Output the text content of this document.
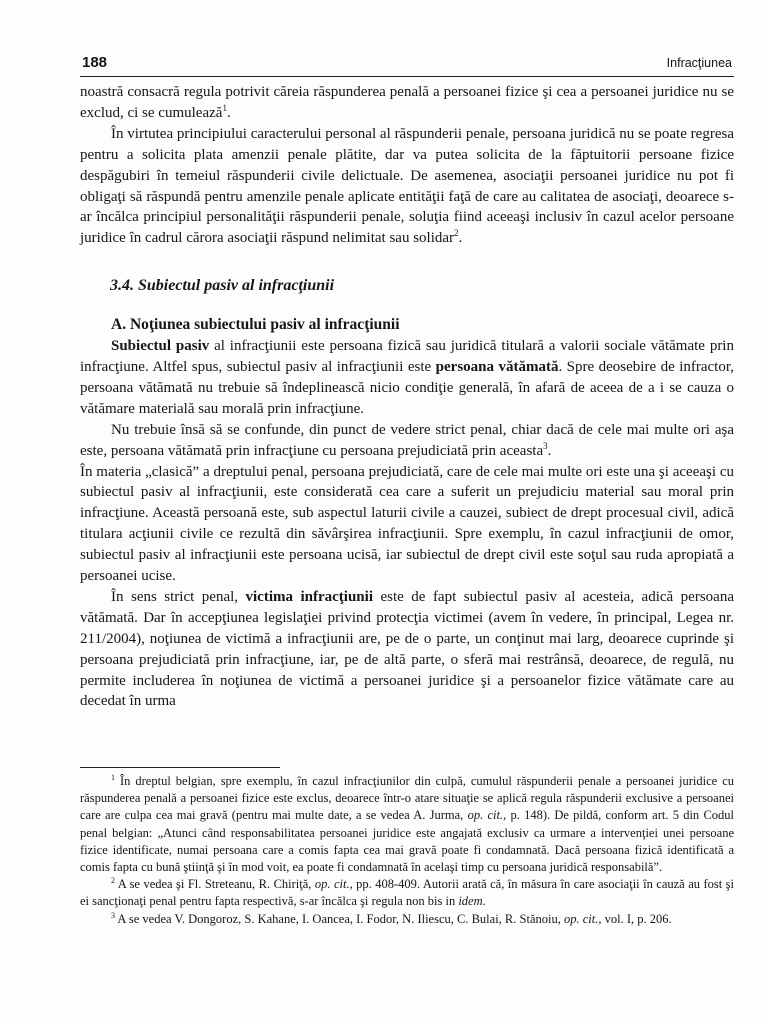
188	Infracţiunea

noastră consacră regula potrivit căreia răspunderea penală a persoanei fizice şi cea a persoanei juridice nu se exclud, ci se cumulează$^1$.

În virtutea principiului caracterului personal al răspunderii penale, persoana juridică nu se poate regresa pentru a solicita plata amenzii penale plătite, dar va putea solicita de la făptuitorii persoane fizice despăgubiri în temeiul răspunderii civile delictuale. De asemenea, asociaţii persoanei juridice nu pot fi obligaţi să răspundă pentru amenzile penale aplicate entităţii faţă de care au calitatea de asociaţi, deoarece s-ar încălca principiul personalităţii răspunderii penale, soluţia fiind aceeaşi inclusiv în cazul acelor persoane juridice în cadrul cărora asociaţii răspund nelimitat sau solidar$^2$.

3.4. Subiectul pasiv al infracţiunii
A. Noţiunea subiectului pasiv al infracţiunii

Subiectul pasiv al infracţiunii este persoana fizică sau juridică titulară a valorii sociale vătămate prin infracţiune. Altfel spus, subiectul pasiv al infracţiunii este persoana vătămată. Spre deosebire de infractor, persoana vătămată nu trebuie să îndeplinească nicio condiţie generală, în afară de aceea de a i se cauza o vătămare materială sau morală prin infracţiune.

Nu trebuie însă să se confunde, din punct de vedere strict penal, chiar dacă de cele mai multe ori aşa este, persoana vătămată prin infracţiune cu persoana prejudiciată prin aceasta$^3$.

În materia „clasică” a dreptului penal, persoana prejudiciată, care de cele mai multe ori este una şi aceeaşi cu subiectul pasiv al infracţiunii, este considerată cea care a suferit un prejudiciu material sau moral prin infracţiune. Această persoană este, sub aspectul laturii civile a cauzei, subiect de drept procesual civil, adică titulara acţiunii civile ce rezultă din săvârşirea infracţiunii. Spre exemplu, în cazul infracţiunii de omor, subiectul pasiv al infracţiunii este persoana ucisă, iar subiectul de drept civil este soţul sau ruda apropiată a persoanei ucise.

În sens strict penal, victima infracţiunii este de fapt subiectul pasiv al acesteia, adică persoana vătămată. Dar în accepţiunea legislaţiei privind protecţia victimei (avem în vedere, în principal, Legea nr. 211/2004), noţiunea de victimă a infracţiunii are, pe de o parte, un conţinut mai larg, deoarece cuprinde şi persoana prejudiciată prin infracţiune, iar, pe de altă parte, o sferă mai restrânsă, deoarece, de regulă, nu permite includerea în noţiunea de victimă a persoanei juridice şi a persoanelor fizice vătămate care au decedat în urma

$^1$ În dreptul belgian, spre exemplu, în cazul infracţiunilor din culpă, cumulul răspunderii penale a persoanei juridice cu răspunderea penală a persoanei fizice este exclus, deoarece într-o atare situaţie se aplică regula răspunderii exclusive a persoanei care are culpa cea mai gravă (pentru mai multe date, a se vedea A. Jurma, op. cit., p. 148). De pildă, conform art. 5 din Codul penal belgian: „Atunci când responsabilitatea persoanei juridice este angajată exclusiv ca urmare a intervenţiei unei persoane fizice identificate, numai persoana care a comis fapta cea mai gravă poate fi condamnată. Dacă persoana fizică identificată a comis fapta cu bună ştiinţă şi în mod voit, ea poate fi condamnată în acelaşi timp cu persoana juridică responsabilă”.

$^2$ A se vedea şi Fl. Streteanu, R. Chiriţă, op. cit., pp. 408-409. Autorii arată că, în măsura în care asociaţii în cauză au fost şi ei sancţionaţi penal pentru fapta respectivă, s-ar încălca şi regula non bis in idem.

$^3$ A se vedea V. Dongoroz, S. Kahane, I. Oancea, I. Fodor, N. Iliescu, C. Bulai, R. Stănoiu, op. cit., vol. I, p. 206.
